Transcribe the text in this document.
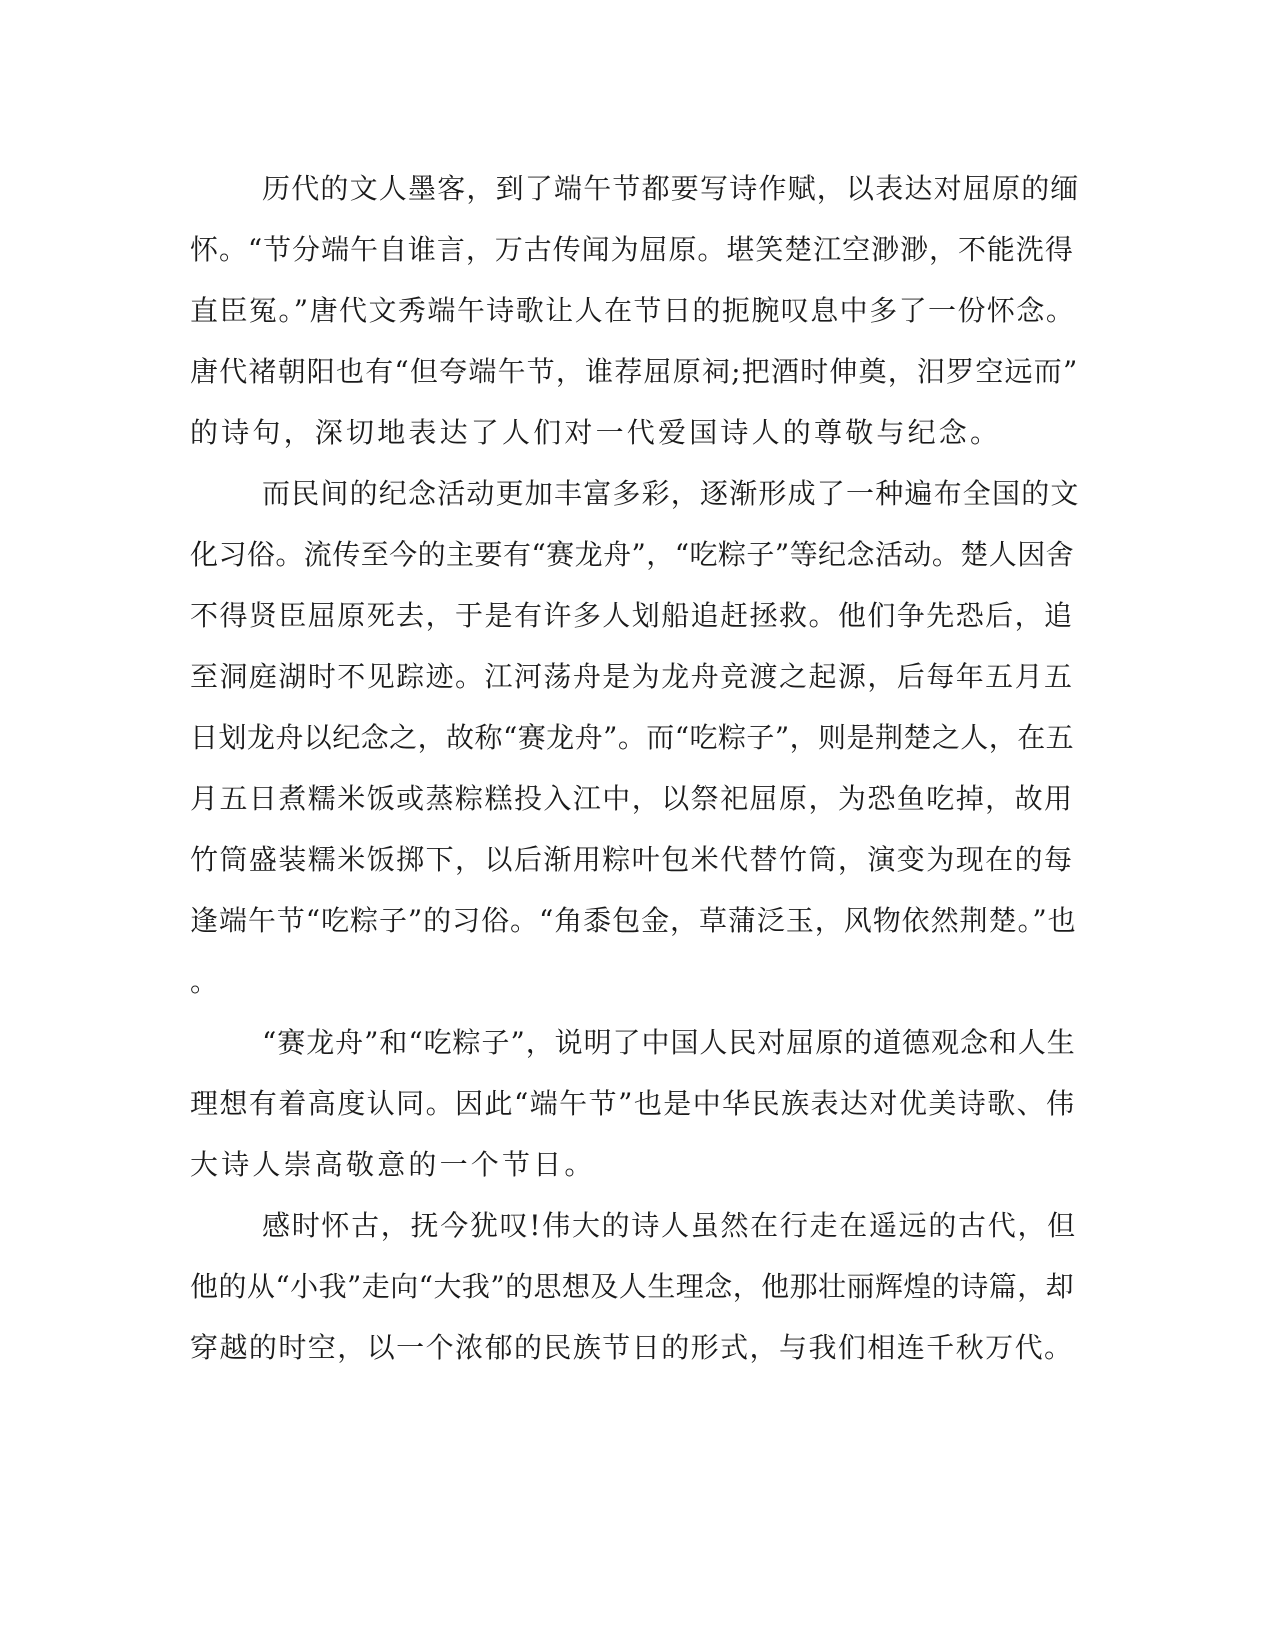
历代的文人墨客，到了端午节都要写诗作赋，以表达对屈原的缅
怀。“节分端午自谁言，万古传闻为屈原。堪笑楚江空渺渺，不能洗得
直臣冤。”唐代文秀端午诗歌让人在节日的扼腕叹息中多了一份怀念。
唐代褚朝阳也有“但夸端午节，谁荐屈原祠;把酒时伸奠，汨罗空远而”
的诗句，深切地表达了人们对一代爱国诗人的尊敬与纪念。
而民间的纪念活动更加丰富多彩，逐渐形成了一种遍布全国的文
化习俗。流传至今的主要有“赛龙舟”，“吃粽子”等纪念活动。楚人因舍
不得贤臣屈原死去，于是有许多人划船追赶拯救。他们争先恐后，追
至洞庭湖时不见踪迹。江河荡舟是为龙舟竞渡之起源，后每年五月五
日划龙舟以纪念之，故称“赛龙舟”。而“吃粽子”，则是荆楚之人，在五
月五日煮糯米饭或蒸粽糕投入江中，以祭祀屈原，为恐鱼吃掉，故用
竹筒盛装糯米饭掷下，以后渐用粽叶包米代替竹筒，演变为现在的每
逢端午节“吃粽子”的习俗。“角黍包金，草蒲泛玉，风物依然荆楚。”也
。
“赛龙舟”和“吃粽子”，说明了中国人民对屈原的道德观念和人生
理想有着高度认同。因此“端午节”也是中华民族表达对优美诗歌、伟
大诗人崇高敬意的一个节日。
感时怀古，抚今犹叹!伟大的诗人虽然在行走在遥远的古代，但
他的从“小我”走向“大我”的思想及人生理念，他那壮丽辉煌的诗篇，却
穿越的时空，以一个浓郁的民族节日的形式，与我们相连千秋万代。
